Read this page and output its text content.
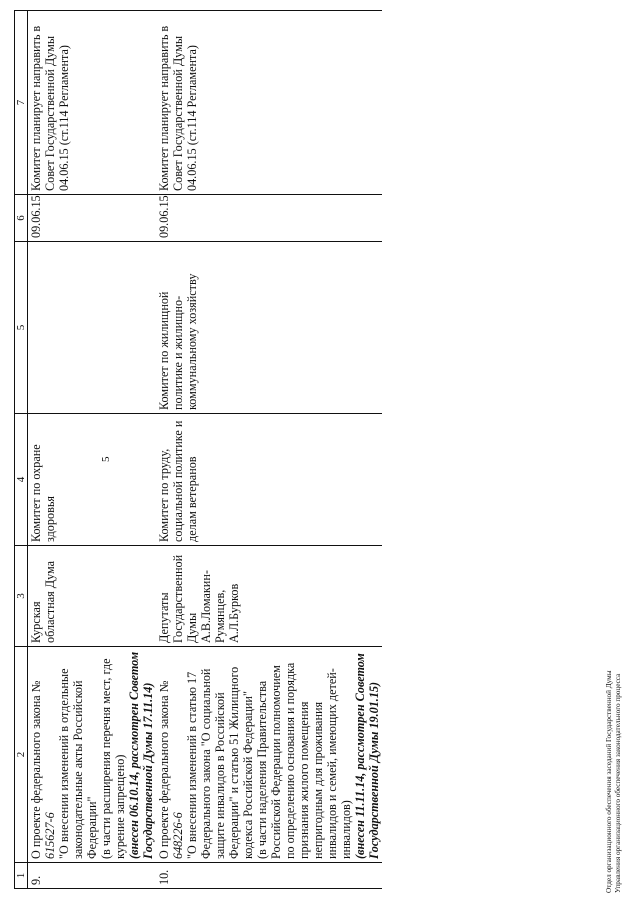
5
1	2	3	4	5	6	7
9.	О проекте федерального закона № 615627-6 "О внесении изменений в отдельные законодательные акты Российской Федерации" (в части расширения перечня мест, где курение запрещено) (внесен 06.10.14, рассмотрен Советом Государственной Думы 17.11.14)	Курская областная Дума	Комитет по охране здоровья		09.06.15	Комитет планирует направить в Совет Государственной Думы 04.06.15 (ст.114 Регламента)
10.	О проекте федерального закона № 648226-6 "О внесении изменений в статью 17 Федерального закона "О социальной защите инвалидов в Российской Федерации" и статью 51 Жилищного кодекса Российской Федерации" (в части наделения Правительства Российской Федерации полномочием по определению основания и порядка признания жилого помещения непригодным для проживания инвалидов и семей, имеющих детей-инвалидов) (внесен 11.11.14, рассмотрен Советом Государственной Думы 19.01.15)	Депутаты Государственной Думы А.В.Ломакин-Румянцев, А.Л.Бурков	Комитет по труду, социальной политике и делам ветеранов	Комитет по жилищной политике и жилищно-коммунальному хозяйству	09.06.15	Комитет планирует направить в Совет Государственной Думы 04.06.15 (ст.114 Регламента)
Отдел организационного обеспечения заседаний Государственной Думы Управления организационного обеспечения законодательного процесса
